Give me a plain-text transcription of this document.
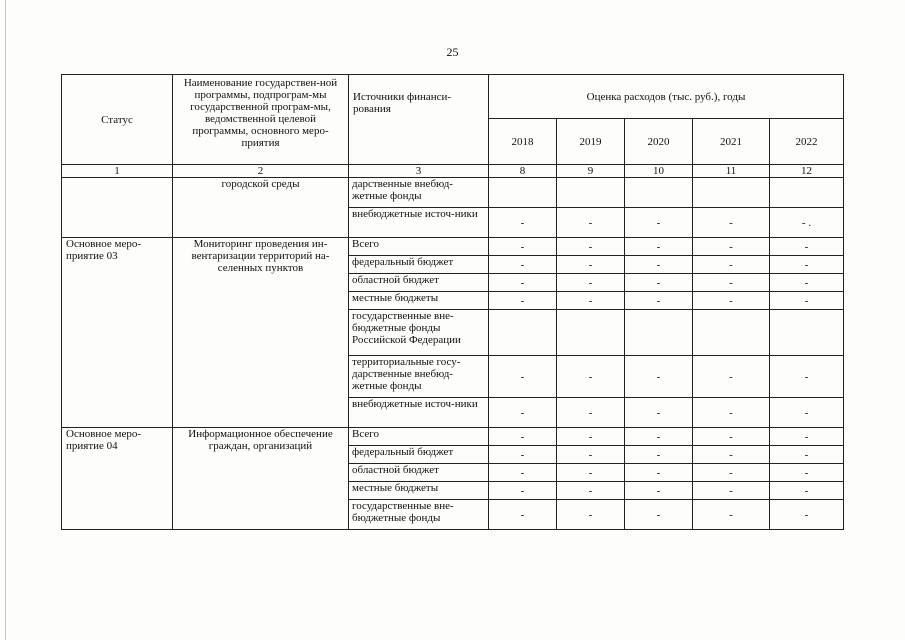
25
Статус	Наименование государствен-ной программы, подпрограм-мы государственной програм-мы, ведомственной целевой программы, основного меро-приятия	Источники финанси-рования	Оценка расходов (тыс. руб.), годы				
			2018	2019	2020	2021	2022
1	2	3	8	9	10	11	12
	городской среды	дарственные внебюд-жетные фонды					
		внебюджетные источ-ники	-	-	-	-	- .
Основное меро-приятие 03	Мониторинг проведения ин-вентаризации территорий на-селенных пунктов	Всего	-	-	-	-	-
		федеральный бюджет	-	-	-	-	-
		областной бюджет	-	-	-	-	-
		местные бюджеты	-	-	-	-	-
		государственные вне-бюджетные фонды Российской Федерации					
		территориальные госу-дарственные внебюд-жетные фонды	-	-	-	-	-
		внебюджетные источ-ники	-	-	-	-	-
Основное меро-приятие 04	Информационное обеспечение граждан, организаций	Всего	-	-	-	-	-
		федеральный бюджет	-	-	-	-	-
		областной бюджет	-	-	-	-	-
		местные бюджеты	-	-	-	-	-
		государственные вне-бюджетные фонды	-	-	-	-	-
